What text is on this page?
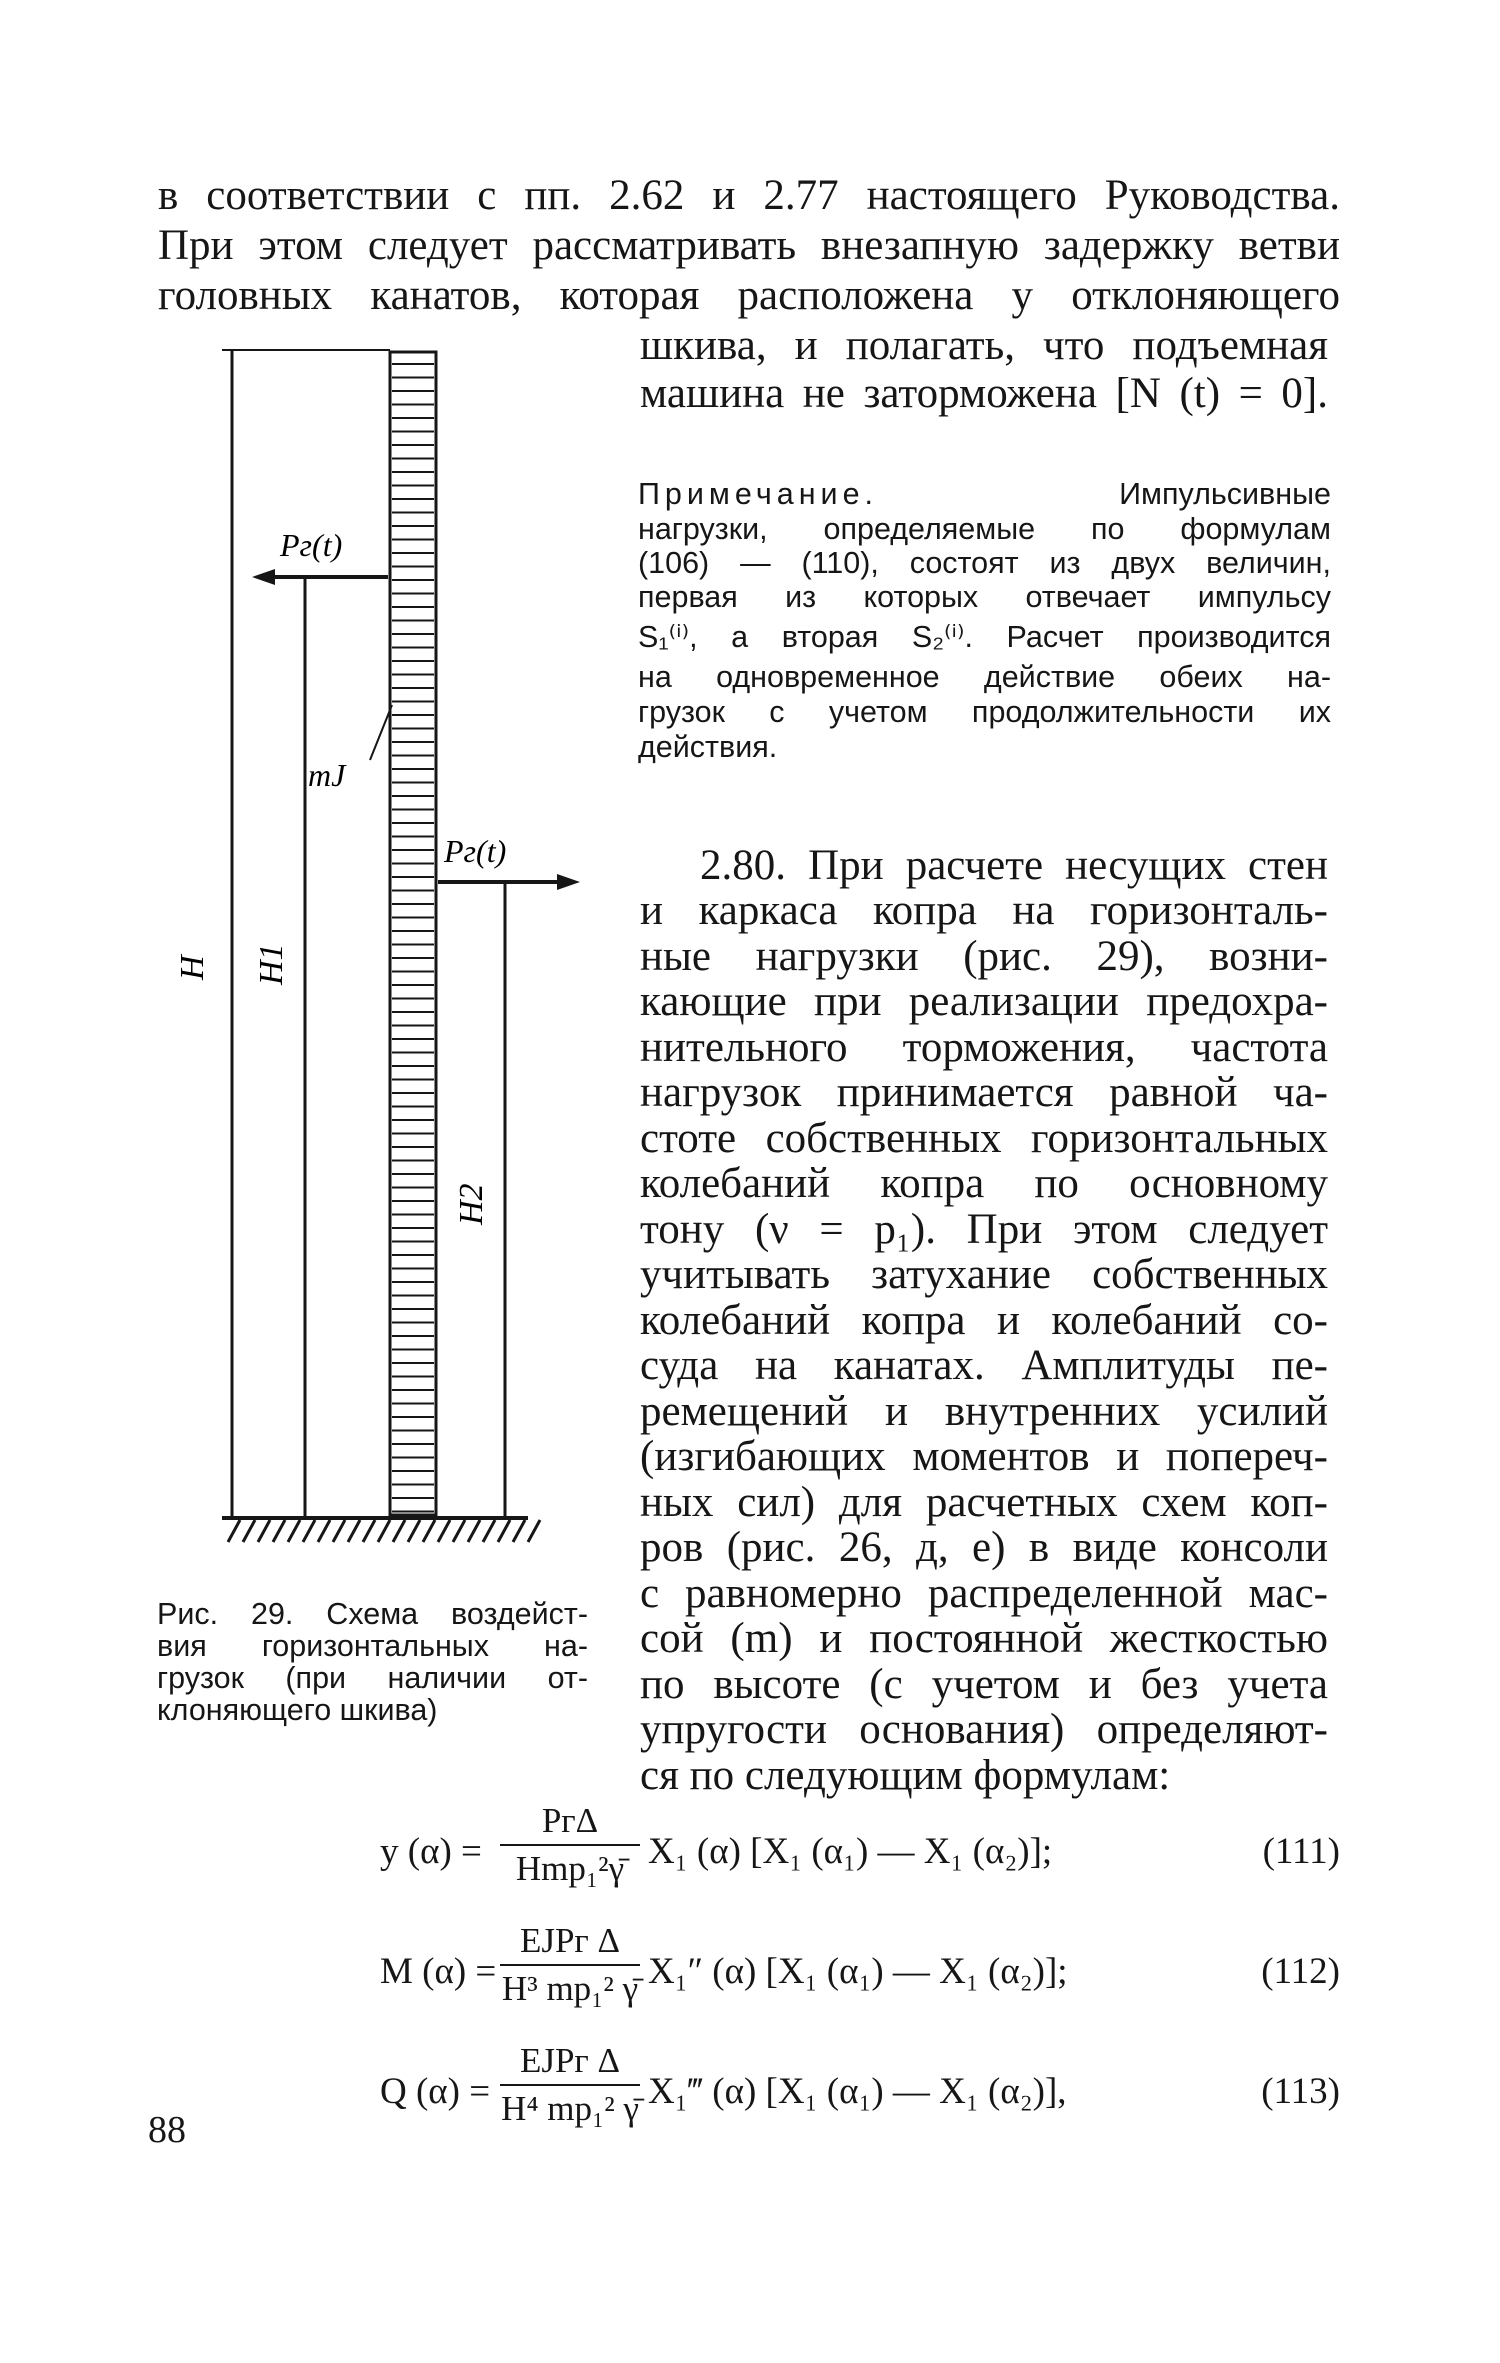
в соответствии с пп. 2.62 и 2.77 настоящего Руководства.
При этом следует рассматривать внезапную задержку ветви
головных канатов, которая расположена у отклоняющего
шкива, и полагать, что подъемная
машина не заторможена [N (t) = 0].
Примечание.	Импульсивные
нагрузки, определяемые по формулам
(106) — (110), состоят из двух величин,
первая из которых отвечает импульсу
S₁⁽ⁱ⁾, а вторая S₂⁽ⁱ⁾. Расчет производится
на одновременное действие обеих на-
грузок с учетом продолжительности их
действия.
2.80. При расчете несущих стен
и каркаса копра на горизонталь-
ные нагрузки (рис. 29), возни-
кающие при реализации предохра-
нительного торможения, частота
нагрузок принимается равной ча-
стоте собственных горизонтальных
колебаний копра по основному
тону (ν = p₁). При этом следует
учитывать затухание собственных
колебаний копра и колебаний со-
суда на канатах. Амплитуды пе-
ремещений и внутренних усилий
(изгибающих моментов и попереч-
ных сил) для расчетных схем коп-
ров (рис. 26, д, е) в виде консоли
с равномерно распределенной мас-
сой (m) и постоянной жесткостью
по высоте (с учетом и без учета
упругости основания) определяют-
ся по следующим формулам:
Pг(t)
Pг(t)
mJ
H H1
H2
Рис. 29. Схема воздейст-
вия горизонтальных на-
грузок (при наличии от-
клоняющего шкива)
y (α) =
PгΔ
Hmp₁²γ̄ X₁ (α) [X₁ (α₁) — X₁ (α₂)];	(111)
M (α) =
EJPг Δ
H³ mp₁² γ̄ X₁″ (α) [X₁ (α₁) — X₁ (α₂)];	(112)
Q (α) =
EJPг Δ
H⁴ mp₁² γ̄ X₁‴ (α) [X₁ (α₁) — X₁ (α₂)],	(113)
88
